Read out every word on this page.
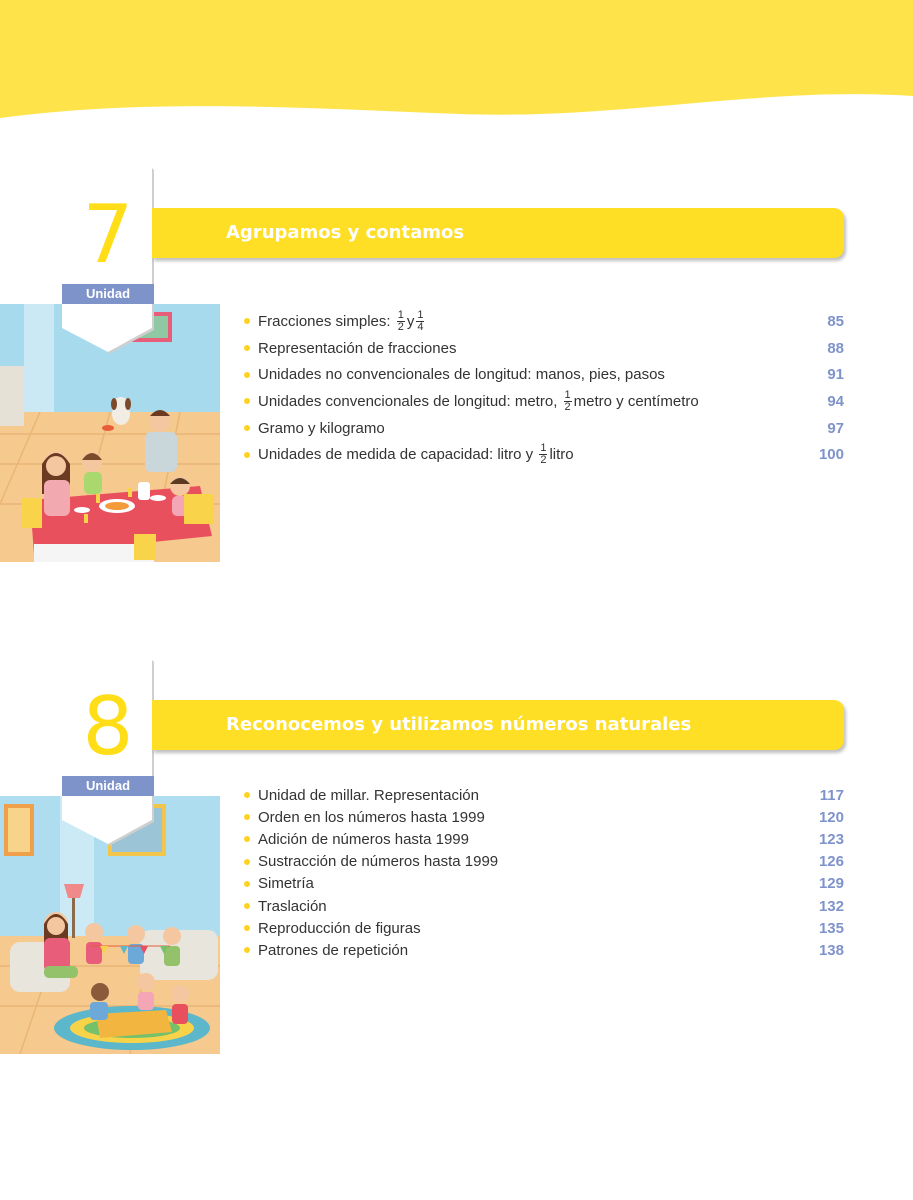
7
Unidad
Agrupamos y contamos
Fracciones simples:
$\frac{1}{2}$ y $\frac{1}{4}$	85
Representación de fracciones	88
Unidades no convencionales de longitud: manos, pies, pasos	91
Unidades convencionales de longitud: metro,
$\frac{1}{2}$ metro y centímetro	94
Gramo y kilogramo	97
Unidades de medida de capacidad: litro y
$\frac{1}{2}$ litro	100
8
Unidad
Reconocemos y utilizamos números naturales
Unidad de millar. Representación	117
Orden en los números hasta 1999	120
Adición de números hasta 1999	123
Sustracción de números hasta 1999	126
Simetría	129
Traslación	132
Reproducción de figuras	135
Patrones de repetición	138
